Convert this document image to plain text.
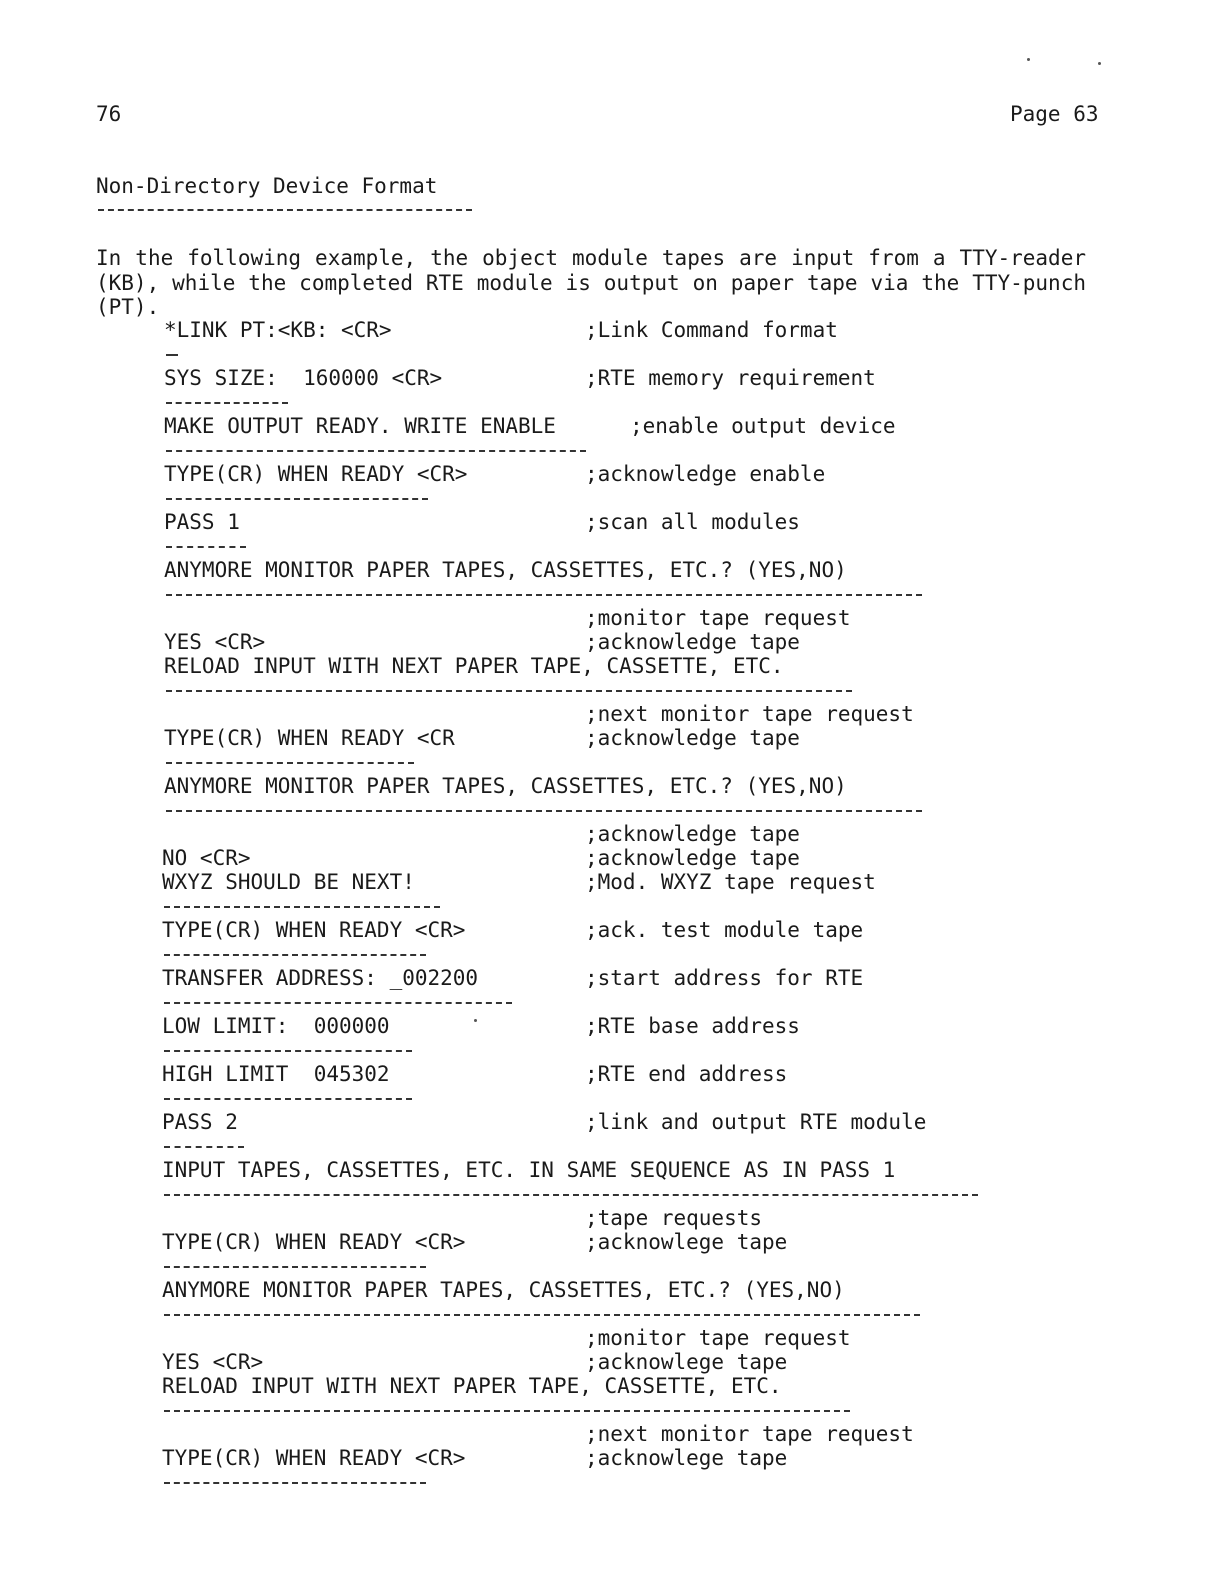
76	Page 63
Non-Directory Device Format

In the following example, the object module tapes are input from a TTY-reader (KB), while the completed RTE module is output on paper tape via the TTY-punch (PT).

*LINK PT:<KB: <CR>	;Link Command format
SYS SIZE:  160000 <CR>	;RTE memory requirement
MAKE OUTPUT READY. WRITE ENABLE	;enable output device
TYPE(CR) WHEN READY <CR>	;acknowledge enable
PASS 1	;scan all modules
ANYMORE MONITOR PAPER TAPES, CASSETTES, ETC.? (YES,NO)
;monitor tape request
YES <CR>	;acknowledge tape
RELOAD INPUT WITH NEXT PAPER TAPE, CASSETTE, ETC.
;next monitor tape request
TYPE(CR) WHEN READY <CR	;acknowledge tape
ANYMORE MONITOR PAPER TAPES, CASSETTES, ETC.? (YES,NO)
;acknowledge tape
NO <CR>	;acknowledge tape
WXYZ SHOULD BE NEXT!	;Mod. WXYZ tape request
TYPE(CR) WHEN READY <CR>	;ack. test module tape
TRANSFER ADDRESS: _002200	;start address for RTE
LOW LIMIT:  000000	;RTE base address
HIGH LIMIT  045302	;RTE end address
PASS 2	;link and output RTE module
INPUT TAPES, CASSETTES, ETC. IN SAME SEQUENCE AS IN PASS 1
;tape requests
TYPE(CR) WHEN READY <CR>	;acknowlege tape
ANYMORE MONITOR PAPER TAPES, CASSETTES, ETC.? (YES,NO)
;monitor tape request
YES <CR>	;acknowlege tape
RELOAD INPUT WITH NEXT PAPER TAPE, CASSETTE, ETC.
;next monitor tape request
TYPE(CR) WHEN READY <CR>	;acknowlege tape
